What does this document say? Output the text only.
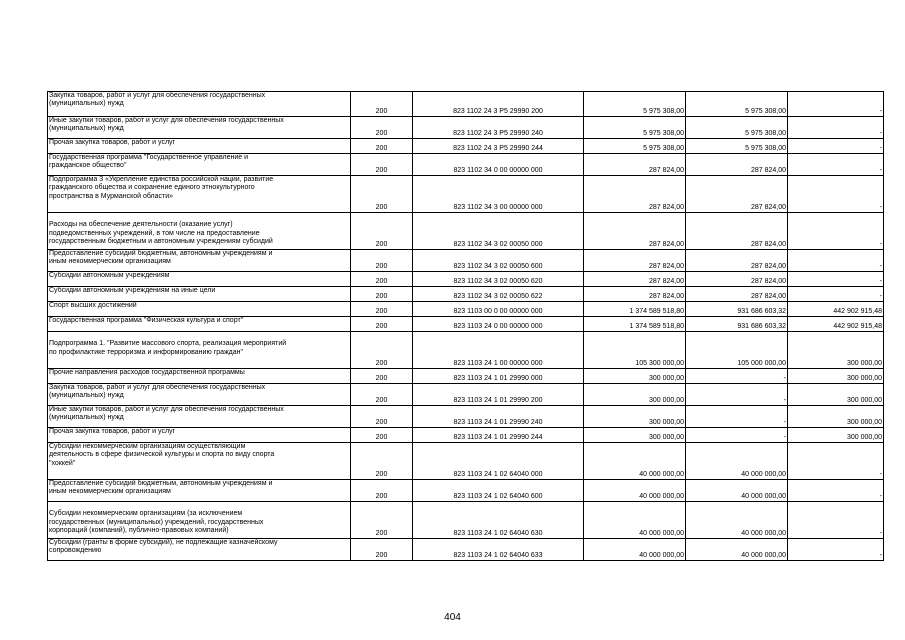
Закупка товаров, работ и услуг для обеспечения государственных
(муниципальных) нужд	200	823 1102 24 3 P5 29990 200	5 975 308,00	5 975 308,00	-
Иные закупки товаров, работ и услуг для обеспечения государственных
(муниципальных) нужд	200	823 1102 24 3 P5 29990 240	5 975 308,00	5 975 308,00	-
Прочая закупка товаров, работ и услуг	200	823 1102 24 3 P5 29990 244	5 975 308,00	5 975 308,00	-
Государственная программа "Государственное управление и
гражданское общество"	200	823 1102 34 0 00 00000 000	287 824,00	287 824,00	-
Подпрограмма 3 «Укрепление единства российской нации, развитие
гражданского общества и сохранение единого этнокультурного
пространства в Мурманской области»	200	823 1102 34 3 00 00000 000	287 824,00	287 824,00	-

Расходы на обеспечение деятельности (оказание услуг)
подведомственных учреждений, в том числе на предоставление
государственным бюджетным и автономным учреждениям субсидий	200	823 1102 34 3 02 00050 000	287 824,00	287 824,00	-
Предоставление субсидий бюджетным, автономным учреждениям и
иным некоммерческим организациям	200	823 1102 34 3 02 00050 600	287 824,00	287 824,00	-
Субсидии автономным учреждениям	200	823 1102 34 3 02 00050 620	287 824,00	287 824,00	-
Субсидии автономным учреждениям на иные цели	200	823 1102 34 3 02 00050 622	287 824,00	287 824,00	-
Спорт высших достижений	200	823 1103 00 0 00 00000 000	1 374 589 518,80	931 686 603,32	442 902 915,48
Государственная программа "Физическая культура и спорт"	200	823 1103 24 0 00 00000 000	1 374 589 518,80	931 686 603,32	442 902 915,48

Подпрограмма 1. "Развитие массового спорта, реализация мероприятий
по профилактике терроризма и информированию граждан"	200	823 1103 24 1 00 00000 000	105 300 000,00	105 000 000,00	300 000,00
Прочие направления расходов государственной программы	200	823 1103 24 1 01 29990 000	300 000,00	-	300 000,00
Закупка товаров, работ и услуг для обеспечения государственных
(муниципальных) нужд	200	823 1103 24 1 01 29990 200	300 000,00	-	300 000,00
Иные закупки товаров, работ и услуг для обеспечения государственных
(муниципальных) нужд	200	823 1103 24 1 01 29990 240	300 000,00	-	300 000,00
Прочая закупка товаров, работ и услуг	200	823 1103 24 1 01 29990 244	300 000,00	-	300 000,00
Субсидии некоммерческим организациям осуществляющим
деятельность в сфере физической культуры и спорта по виду спорта
"хоккей"	200	823 1103 24 1 02 64040 000	40 000 000,00	40 000 000,00	-
Предоставление субсидий бюджетным, автономным учреждениям и
иным некоммерческим организациям	200	823 1103 24 1 02 64040 600	40 000 000,00	40 000 000,00	-

Субсидии некоммерческим организациям (за исключением
государственных (муниципальных) учреждений, государственных
корпораций (компаний), публично-правовых компаний)	200	823 1103 24 1 02 64040 630	40 000 000,00	40 000 000,00	-
Субсидии (гранты в форме субсидий), не подлежащие казначейскому
сопровождению	200	823 1103 24 1 02 64040 633	40 000 000,00	40 000 000,00	-
404
